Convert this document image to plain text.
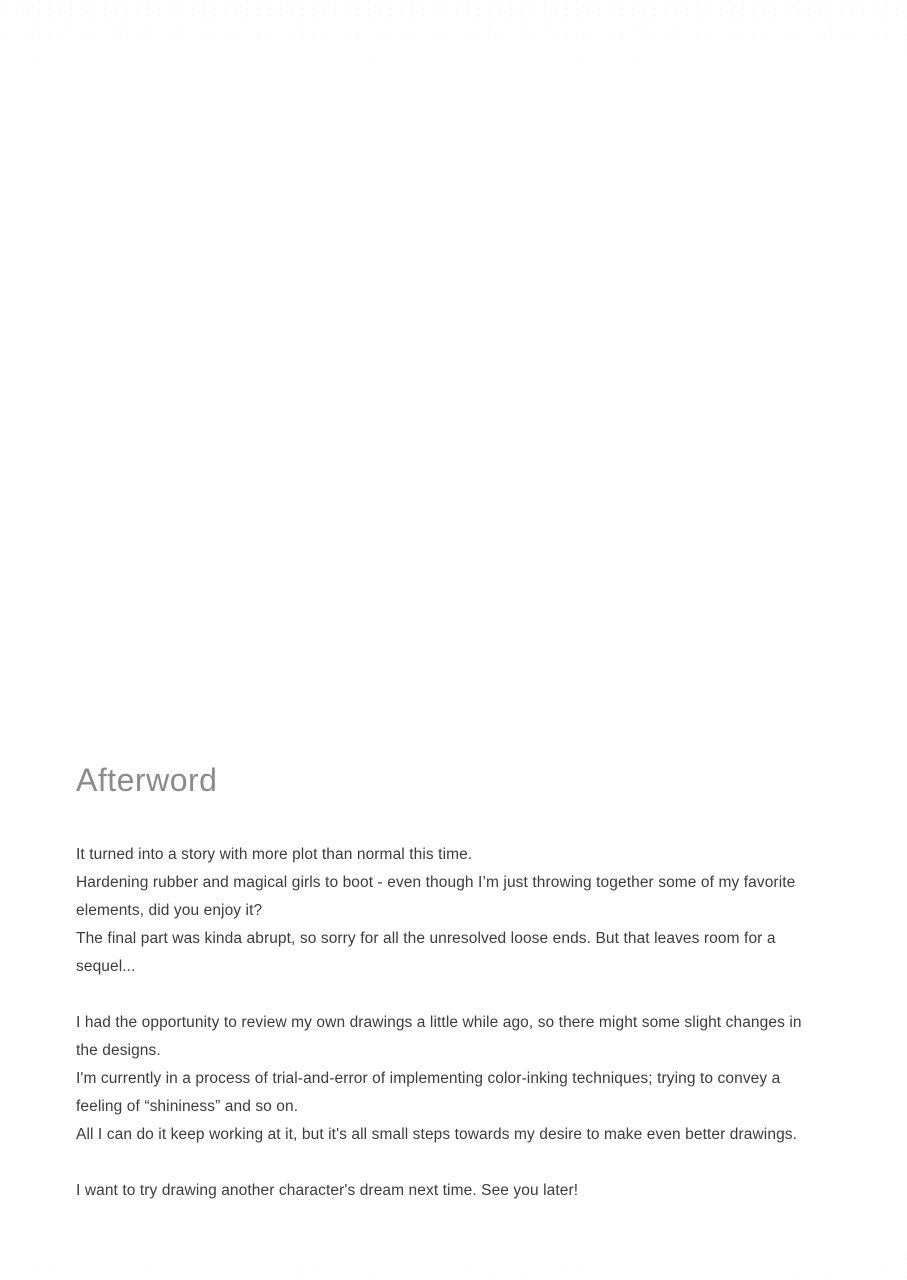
Afterword

It turned into a story with more plot than normal this time.
Hardening rubber and magical girls to boot - even though I’m just throwing together some of my favorite
elements, did you enjoy it?
The final part was kinda abrupt, so sorry for all the unresolved loose ends. But that leaves room for a
sequel...

I had the opportunity to review my own drawings a little while ago, so there might some slight changes in
the designs.
I'm currently in a process of trial-and-error of implementing color-inking techniques; trying to convey a
feeling of “shininess” and so on.
All I can do it keep working at it, but it's all small steps towards my desire to make even better drawings.

I want to try drawing another character's dream next time. See you later!
